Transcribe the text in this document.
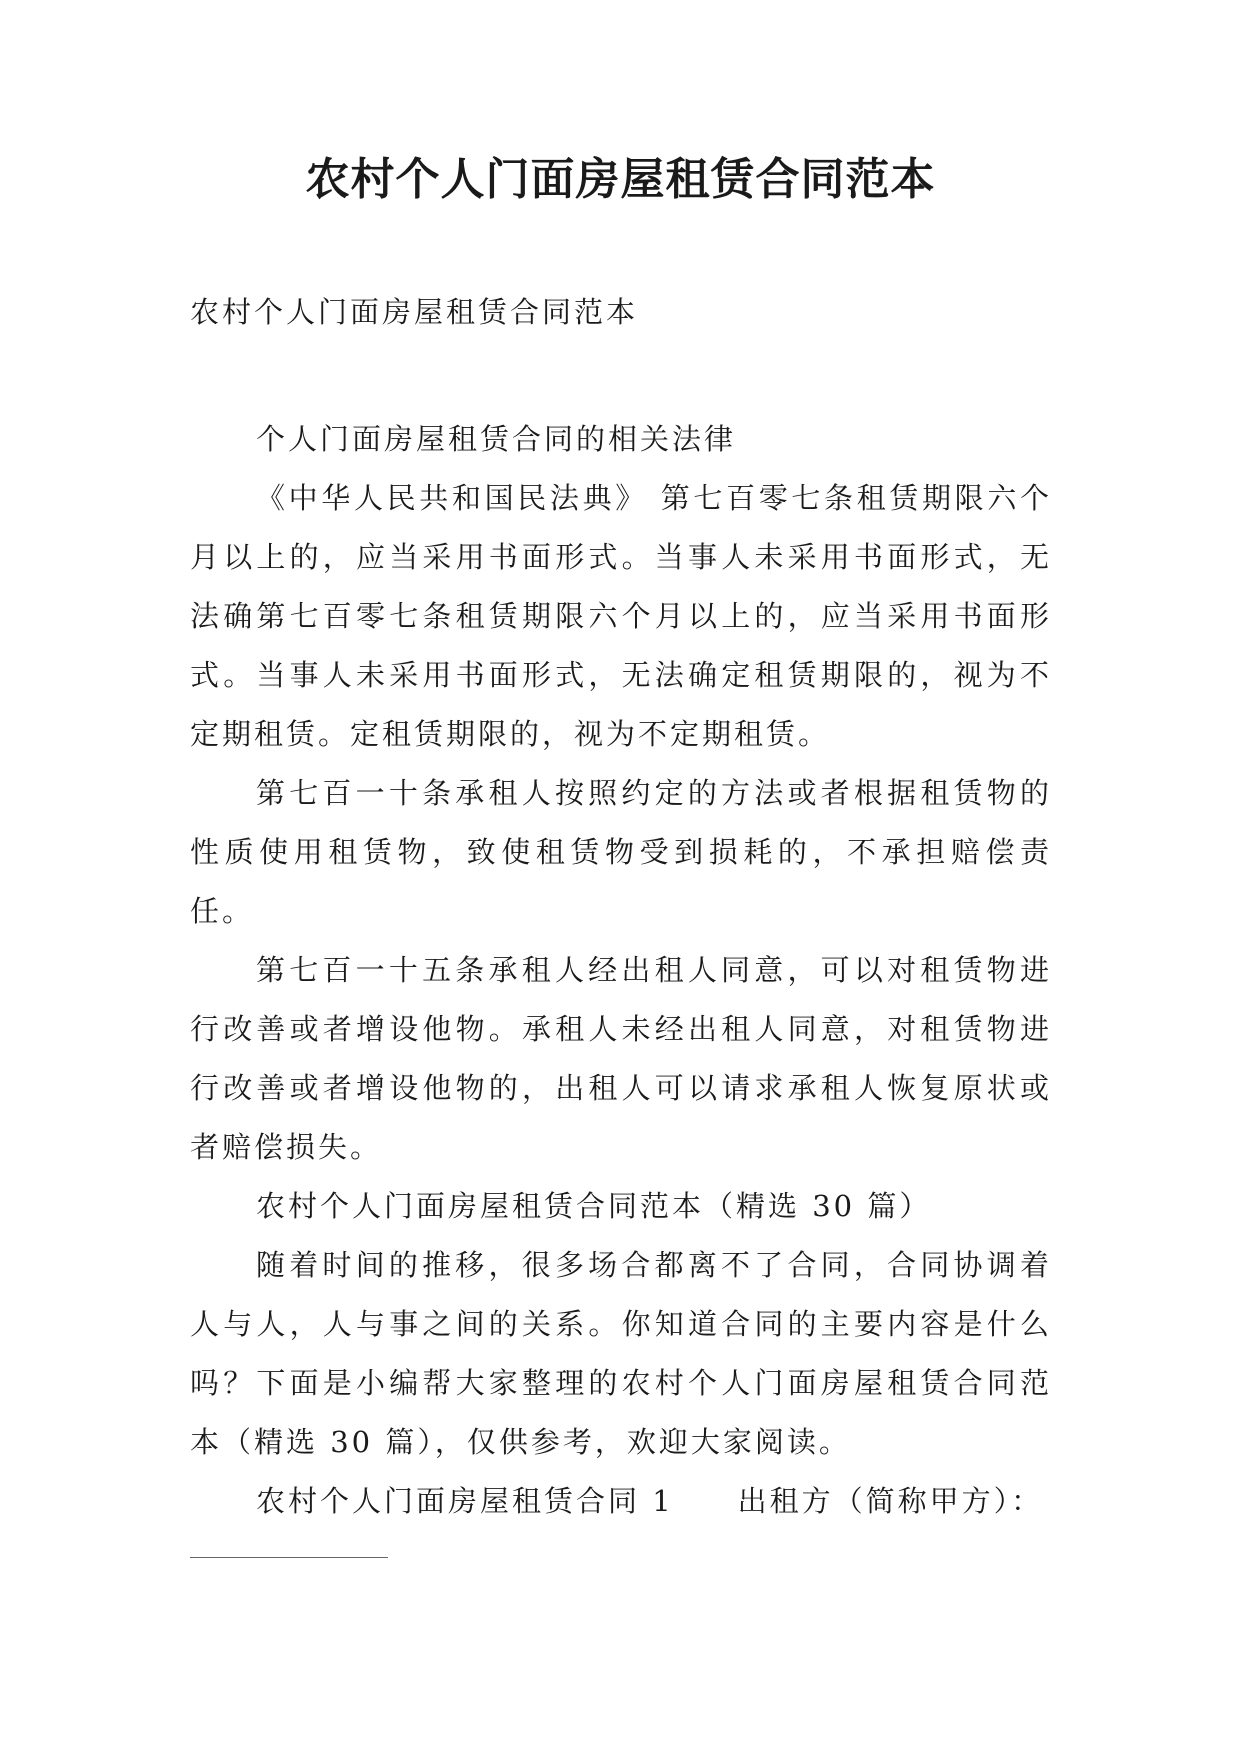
农村个人门面房屋租赁合同范本

农村个人门面房屋租赁合同范本

个人门面房屋租赁合同的相关法律

《中华人民共和国民法典》 第七百零七条租赁期限六个月以上的，应当采用书面形式。当事人未采用书面形式，无法确第七百零七条租赁期限六个月以上的，应当采用书面形式。当事人未采用书面形式，无法确定租赁期限的，视为不定期租赁。定租赁期限的，视为不定期租赁。

第七百一十条承租人按照约定的方法或者根据租赁物的性质使用租赁物，致使租赁物受到损耗的，不承担赔偿责任。

第七百一十五条承租人经出租人同意，可以对租赁物进行改善或者增设他物。承租人未经出租人同意，对租赁物进行改善或者增设他物的，出租人可以请求承租人恢复原状或者赔偿损失。

农村个人门面房屋租赁合同范本（精选 30 篇）

随着时间的推移，很多场合都离不了合同，合同协调着人与人，人与事之间的关系。你知道合同的主要内容是什么吗？下面是小编帮大家整理的农村个人门面房屋租赁合同范本（精选 30 篇），仅供参考，欢迎大家阅读。

农村个人门面房屋租赁合同 1　　出租方（简称甲方）：
